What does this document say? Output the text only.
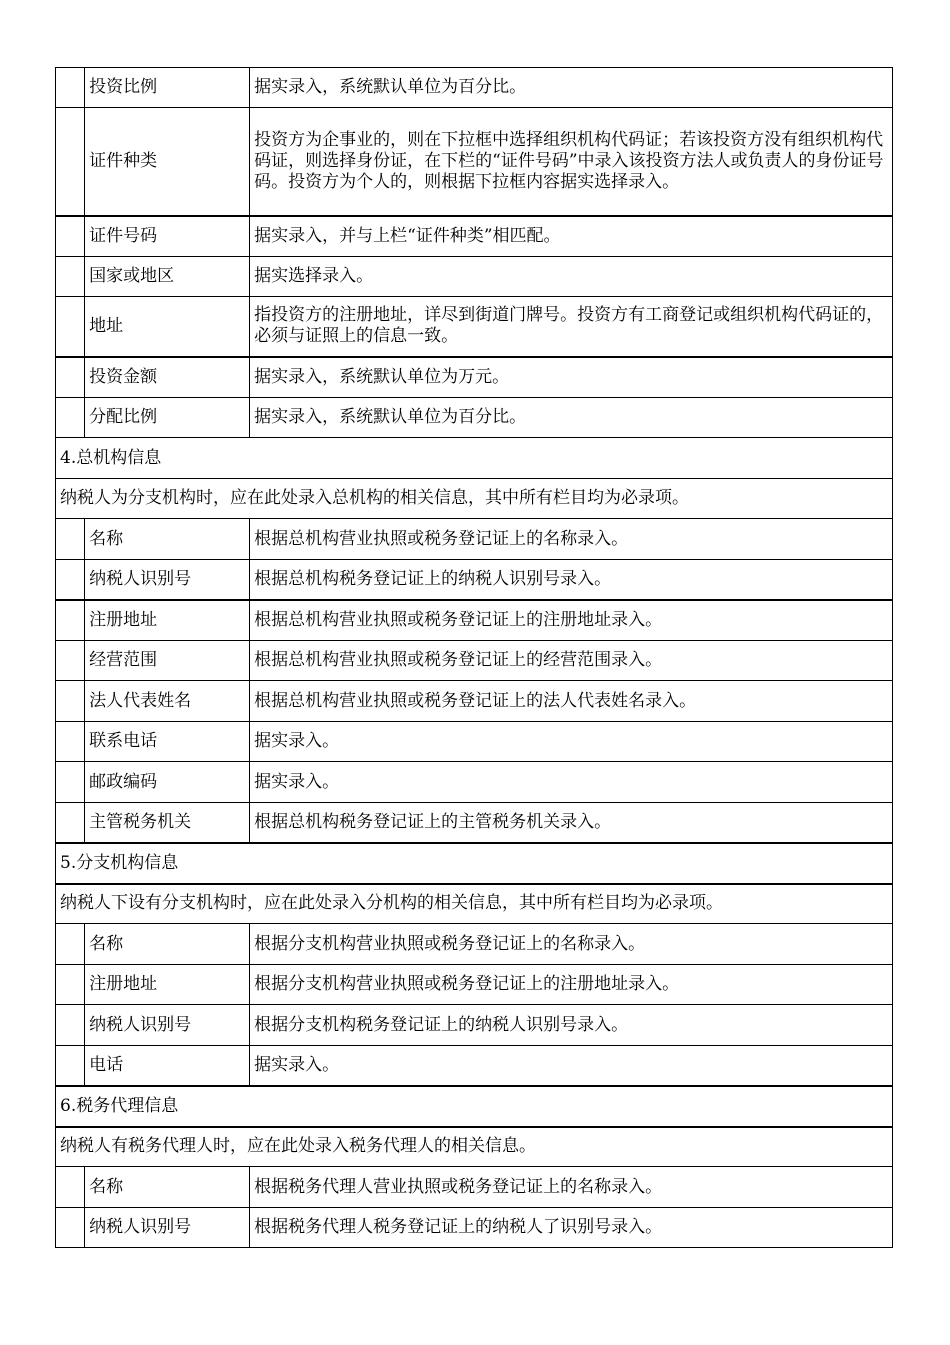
	投资比例	据实录入，系统默认单位为百分比。
	证件种类	投资方为企事业的，则在下拉框中选择组织机构代码证；若该投资方没有组织机构代码证，则选择身份证，在下栏的“证件号码”中录入该投资方法人或负责人的身份证号码。投资方为个人的，则根据下拉框内容据实选择录入。
	证件号码	据实录入，并与上栏“证件种类”相匹配。
	国家或地区	据实选择录入。
	地址	指投资方的注册地址，详尽到街道门牌号。投资方有工商登记或组织机构代码证的，必须与证照上的信息一致。
	投资金额	据实录入，系统默认单位为万元。
	分配比例	据实录入，系统默认单位为百分比。
4.总机构信息		
纳税人为分支机构时，应在此处录入总机构的相关信息，其中所有栏目均为必录项。		
	名称	根据总机构营业执照或税务登记证上的名称录入。
	纳税人识别号	根据总机构税务登记证上的纳税人识别号录入。
	注册地址	根据总机构营业执照或税务登记证上的注册地址录入。
	经营范围	根据总机构营业执照或税务登记证上的经营范围录入。
	法人代表姓名	根据总机构营业执照或税务登记证上的法人代表姓名录入。
	联系电话	据实录入。
	邮政编码	据实录入。
	主管税务机关	根据总机构税务登记证上的主管税务机关录入。
5.分支机构信息		
纳税人下设有分支机构时，应在此处录入分机构的相关信息，其中所有栏目均为必录项。		
	名称	根据分支机构营业执照或税务登记证上的名称录入。
	注册地址	根据分支机构营业执照或税务登记证上的注册地址录入。
	纳税人识别号	根据分支机构税务登记证上的纳税人识别号录入。
	电话	据实录入。
6.税务代理信息		
纳税人有税务代理人时，应在此处录入税务代理人的相关信息。		
	名称	根据税务代理人营业执照或税务登记证上的名称录入。
	纳税人识别号	根据税务代理人税务登记证上的纳税人了识别号录入。
